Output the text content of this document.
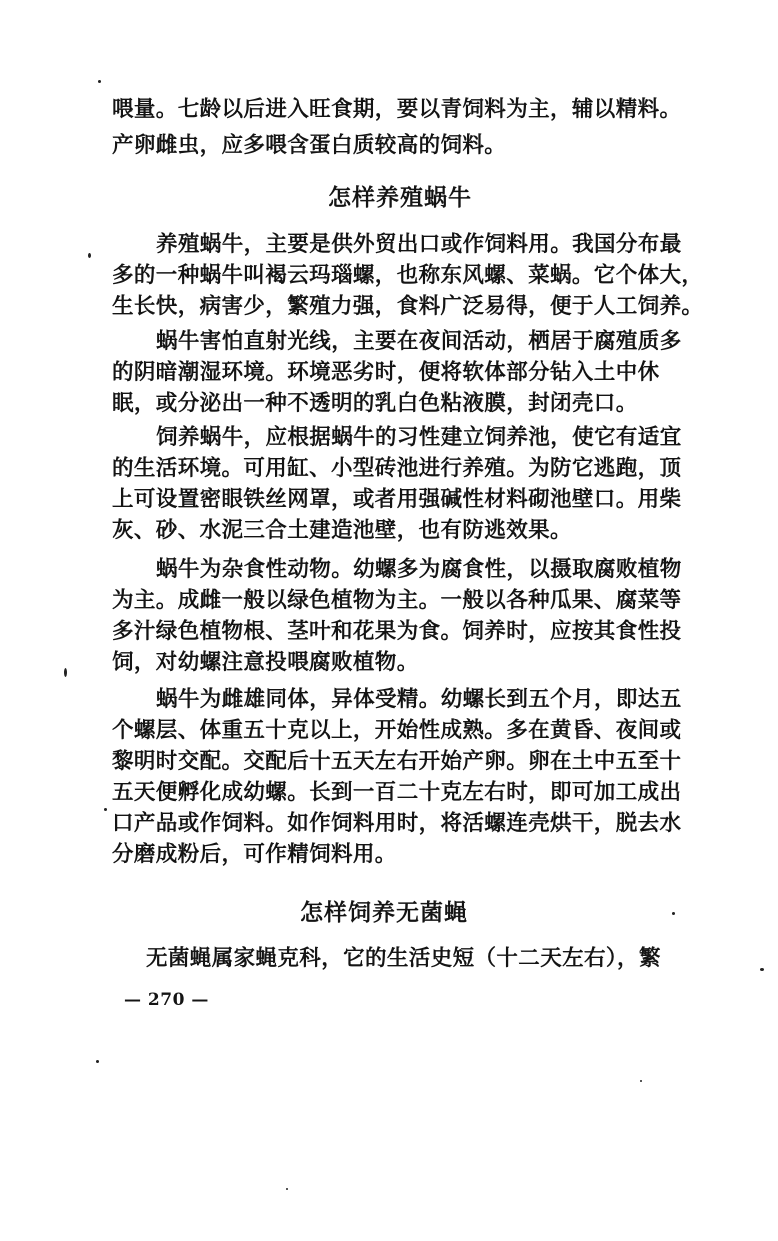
喂量。七龄以后进入旺食期，要以青饲料为主，辅以精料。
产卵雌虫，应多喂含蛋白质较高的饲料。
怎样养殖蜗牛
养殖蜗牛，主要是供外贸出口或作饲料用。我国分布最
多的一种蜗牛叫褐云玛瑙螺，也称东风螺、菜蜗。它个体大，
生长快，病害少，繁殖力强，食料广泛易得，便于人工饲养。
蜗牛害怕直射光线，主要在夜间活动，栖居于腐殖质多
的阴暗潮湿环境。环境恶劣时，便将软体部分钻入土中休
眠，或分泌出一种不透明的乳白色粘液膜，封闭壳口。
饲养蜗牛，应根据蜗牛的习性建立饲养池，使它有适宜
的生活环境。可用缸、小型砖池进行养殖。为防它逃跑，顶
上可设置密眼铁丝网罩，或者用强碱性材料砌池壁口。用柴
灰、砂、水泥三合土建造池壁，也有防逃效果。
蜗牛为杂食性动物。幼螺多为腐食性，以摄取腐败植物
为主。成雌一般以绿色植物为主。一般以各种瓜果、腐菜等
多汁绿色植物根、茎叶和花果为食。饲养时，应按其食性投
饲，对幼螺注意投喂腐败植物。
蜗牛为雌雄同体，异体受精。幼螺长到五个月，即达五
个螺层、体重五十克以上，开始性成熟。多在黄昏、夜间或
黎明时交配。交配后十五天左右开始产卵。卵在土中五至十
五天便孵化成幼螺。长到一百二十克左右时，即可加工成出
口产品或作饲料。如作饲料用时，将活螺连壳烘干，脱去水
分磨成粉后，可作精饲料用。
怎样饲养无菌蝇
无菌蝇属家蝇克科，它的生活史短（十二天左右），繁
— 270 —
